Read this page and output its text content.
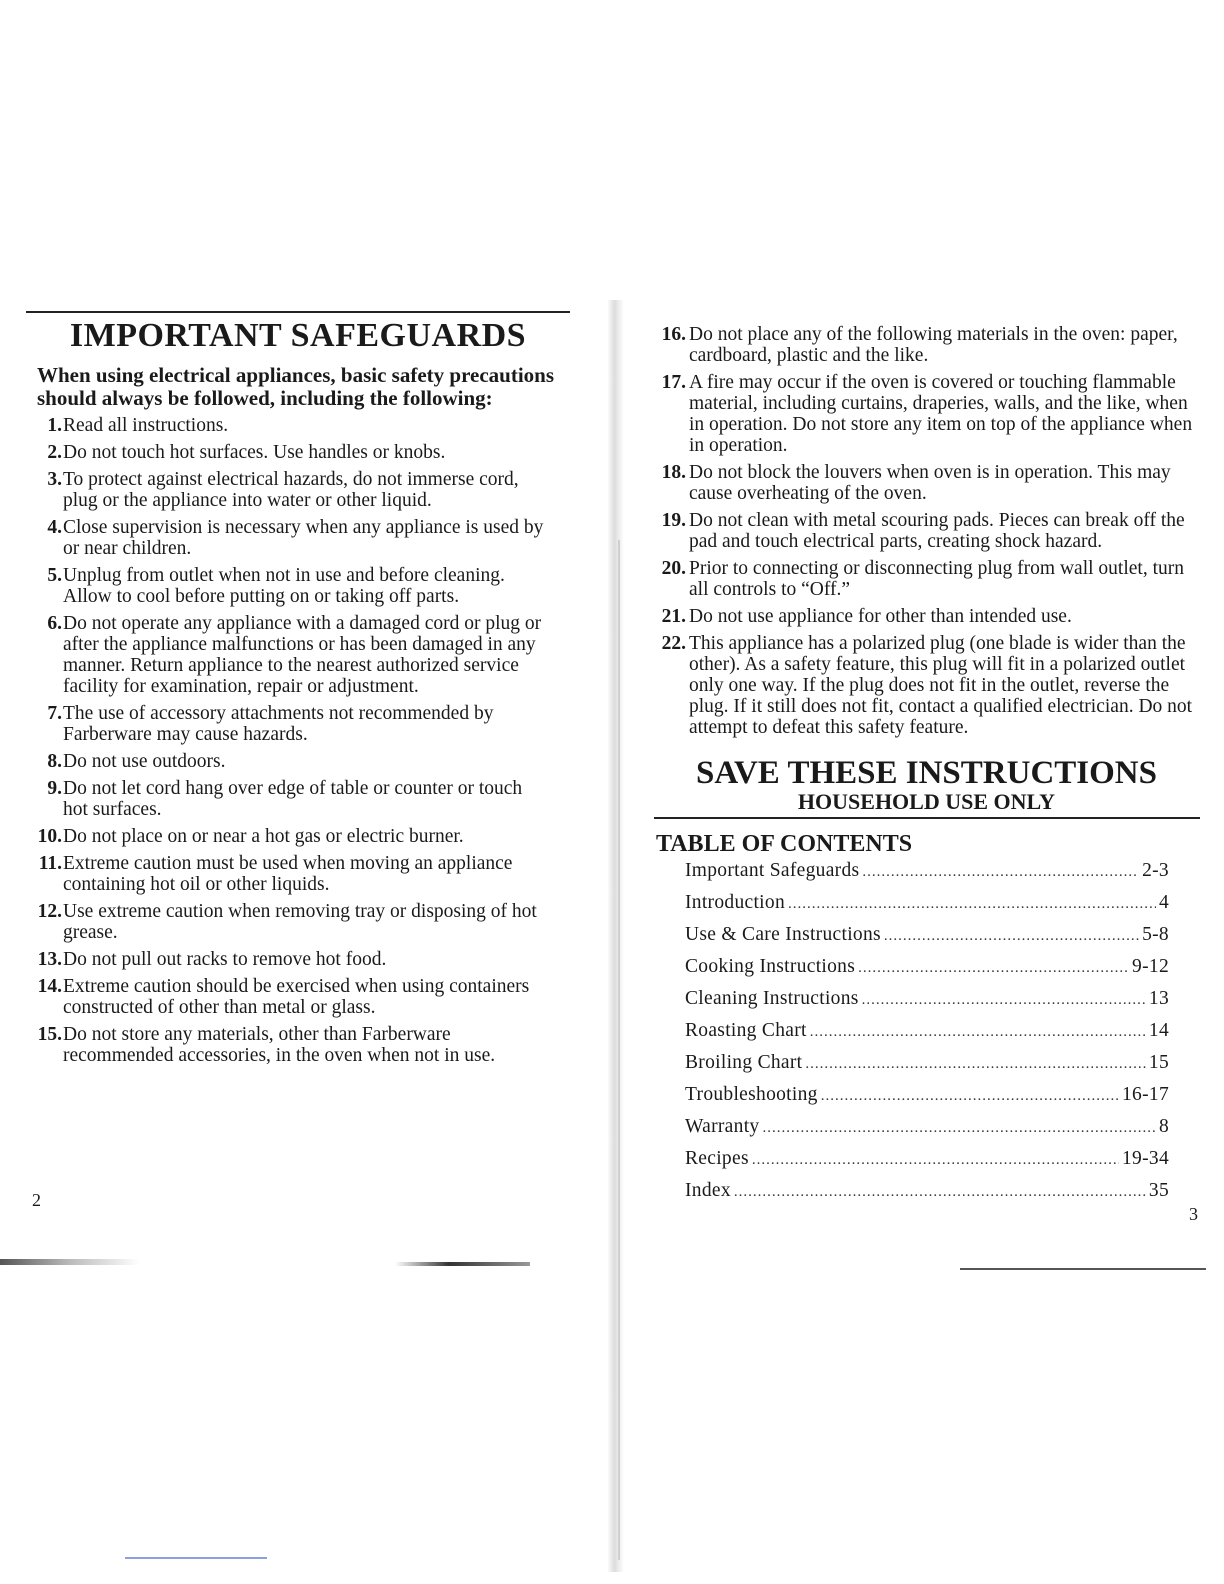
IMPORTANT SAFEGUARDS
When using electrical appliances, basic safety precautions should always be followed, including the following:
1. Read all instructions.
2. Do not touch hot surfaces. Use handles or knobs.
3. To protect against electrical hazards, do not immerse cord, plug or the appliance into water or other liquid.
4. Close supervision is necessary when any appliance is used by or near children.
5. Unplug from outlet when not in use and before cleaning. Allow to cool before putting on or taking off parts.
6. Do not operate any appliance with a damaged cord or plug or after the appliance malfunctions or has been damaged in any manner. Return appliance to the nearest authorized service facility for examination, repair or adjustment.
7. The use of accessory attachments not recommended by Farberware may cause hazards.
8. Do not use outdoors.
9. Do not let cord hang over edge of table or counter or touch hot surfaces.
10. Do not place on or near a hot gas or electric burner.
11. Extreme caution must be used when moving an appliance containing hot oil or other liquids.
12. Use extreme caution when removing tray or disposing of hot grease.
13. Do not pull out racks to remove hot food.
14. Extreme caution should be exercised when using containers constructed of other than metal or glass.
15. Do not store any materials, other than Farberware recommended accessories, in the oven when not in use.
2
16. Do not place any of the following materials in the oven: paper, cardboard, plastic and the like.
17. A fire may occur if the oven is covered or touching flammable material, including curtains, draperies, walls, and the like, when in operation. Do not store any item on top of the appliance when in operation.
18. Do not block the louvers when oven is in operation. This may cause overheating of the oven.
19. Do not clean with metal scouring pads. Pieces can break off the pad and touch electrical parts, creating shock hazard.
20. Prior to connecting or disconnecting plug from wall outlet, turn all controls to “Off.”
21. Do not use appliance for other than intended use.
22. This appliance has a polarized plug (one blade is wider than the other). As a safety feature, this plug will fit in a polarized outlet only one way. If the plug does not fit in the outlet, reverse the plug. If it still does not fit, contact a qualified electrician. Do not attempt to defeat this safety feature.
SAVE THESE INSTRUCTIONS
HOUSEHOLD USE ONLY
TABLE OF CONTENTS
Important Safeguards .....	2-3
Introduction .....	4
Use & Care Instructions .....	5-8
Cooking Instructions .....	9-12
Cleaning Instructions .....	13
Roasting Chart .....	14
Broiling Chart .....	15
Troubleshooting .....	16-17
Warranty .....	8
Recipes .....	19-34
Index .....	35
3
